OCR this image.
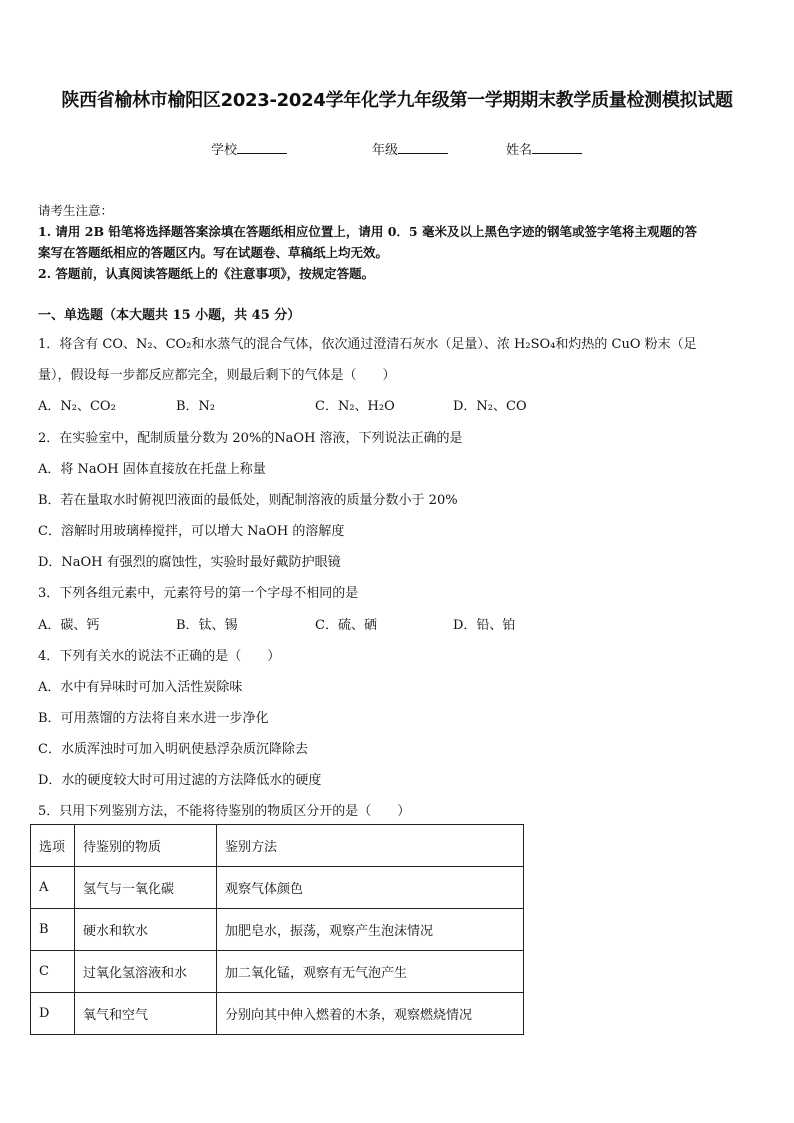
陕西省榆林市榆阳区2023-2024学年化学九年级第一学期期末教学质量检测模拟试题
学校	年级	姓名
请考生注意：
1. 请用 2B 铅笔将选择题答案涂填在答题纸相应位置上，请用 0．5 毫米及以上黑色字迹的钢笔或签字笔将主观题的答
案写在答题纸相应的答题区内。写在试题卷、草稿纸上均无效。
2. 答题前，认真阅读答题纸上的《注意事项》，按规定答题。
一、单选题（本大题共 15 小题，共 45 分）
1．将含有 CO、N₂、CO₂和水蒸气的混合气体，依次通过澄清石灰水（足量）、浓 H₂SO₄和灼热的 CuO 粉末（足
量），假设每一步都反应都完全，则最后剩下的气体是（　　）
A．N₂、CO₂	B．N₂	C．N₂、H₂O	D．N₂、CO
2．在实验室中，配制质量分数为 20%的NaOH 溶液，下列说法正确的是
A．将 NaOH 固体直接放在托盘上称量
B．若在量取水时俯视凹液面的最低处，则配制溶液的质量分数小于 20%
C．溶解时用玻璃棒搅拌，可以增大 NaOH 的溶解度
D．NaOH 有强烈的腐蚀性，实验时最好戴防护眼镜
3．下列各组元素中，元素符号的第一个字母不相同的是
A．碳、钙	B．钛、锡	C．硫、硒	D．铅、铂
4．下列有关水的说法不正确的是（　　）
A．水中有异味时可加入活性炭除味
B．可用蒸馏的方法将自来水进一步净化
C．水质浑浊时可加入明矾使悬浮杂质沉降除去
D．水的硬度较大时可用过滤的方法降低水的硬度
5．只用下列鉴别方法，不能将待鉴别的物质区分开的是（　　）
选项	待鉴别的物质	鉴别方法
A	氢气与一氧化碳	观察气体颜色
B	硬水和软水	加肥皂水，振荡，观察产生泡沫情况
C	过氧化氢溶液和水	加二氧化锰，观察有无气泡产生
D	氧气和空气	分别向其中伸入燃着的木条，观察燃烧情况
